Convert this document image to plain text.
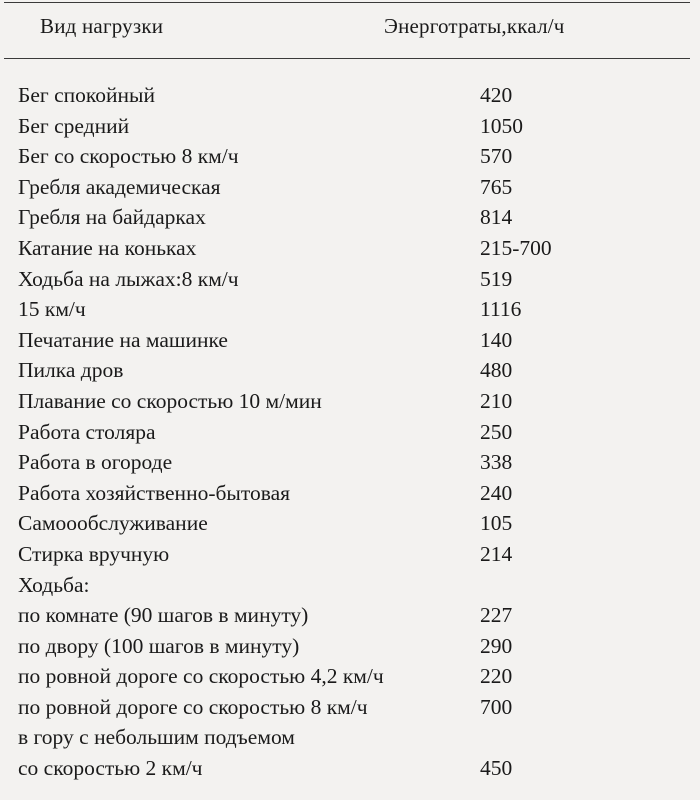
Вид нагрузки	Энерготраты,ккал/ч
Бег спокойный	420
Бег средний	1050
Бег со скоростью 8 км/ч	570
Гребля академическая	765
Гребля на байдарках	814
Катание на коньках	215-700
Ходьба на лыжах:8 км/ч	519
15 км/ч	1116
Печатание на машинке	140
Пилка дров	480
Плавание со скоростью 10 м/мин	210
Работа столяра	250
Работа в огороде	338
Работа хозяйственно-бытовая	240
Самоообслуживание	105
Стирка вручную	214
Ходьба:
по комнате (90 шагов в минуту)	227
по двору (100 шагов в минуту)	290
по ровной дороге со скоростью 4,2 км/ч	220
по ровной дороге со скоростью 8 км/ч	700
в гору с небольшим подъемом
со скоростью 2 км/ч	450
